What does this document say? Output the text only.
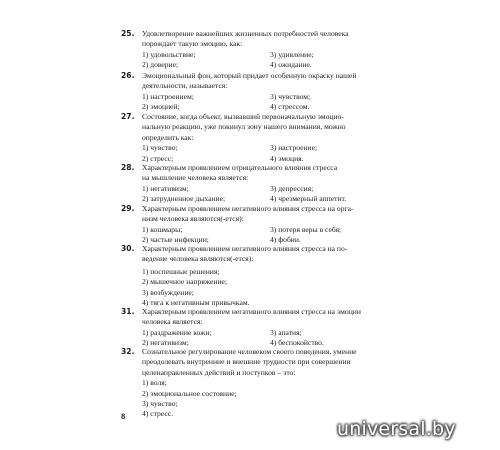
25. Удовлетворение важнейших жизненных потребностей человека
порождает такую эмоцию, как:
1) удовольствие;	3) удивление;
2) доверие;	4) ожидание.
26. Эмоциональный фон, который придает особенную окраску нашей
деятельности, называется:
1) настроением;	3) чувством;
2) эмоцией;	4) стрессом.
27. Состояние, когда объект, вызвавший первоначальную эмоцио-
нальную реакцию, уже покинул зону нашего внимания, можно
определить как:
1) чувство;	3) настроение;
2) стресс;	4) эмоция.
28. Характерным проявлением отрицательного влияния стресса
на мышление человека является:
1) негативизм;	3) депрессия;
2) затрудненное дыхание;	4) чрезмерный аппетит.
29. Характерным проявлением негативного влияния стресса на орга-
низм человека являются(-ется):
1) кошмары;	3) потеря веры в себя;
2) частые инфекции;	4) фобии.
30. Характерным проявлением негативного влияния стресса на по-
ведение человека являются(-ется):
1) поспешные решения;
2) мышечное напряжение;
3) возбуждение;
4) тяга к негативным привычкам.
31. Характерным проявлением негативного влияния стресса на эмоции
человека является:
1) раздражение кожи;	3) апатия;
2) негативизм;	4) беспокойство.
32. Сознательное регулирование человеком своего поведения, умение
преодолевать внутренние и внешние трудности при совершении
целенаправленных действий и поступков – это:
1) воля;
2) эмоциональное состояние;
3) чувство;
4) стресс.
8
universal.by
